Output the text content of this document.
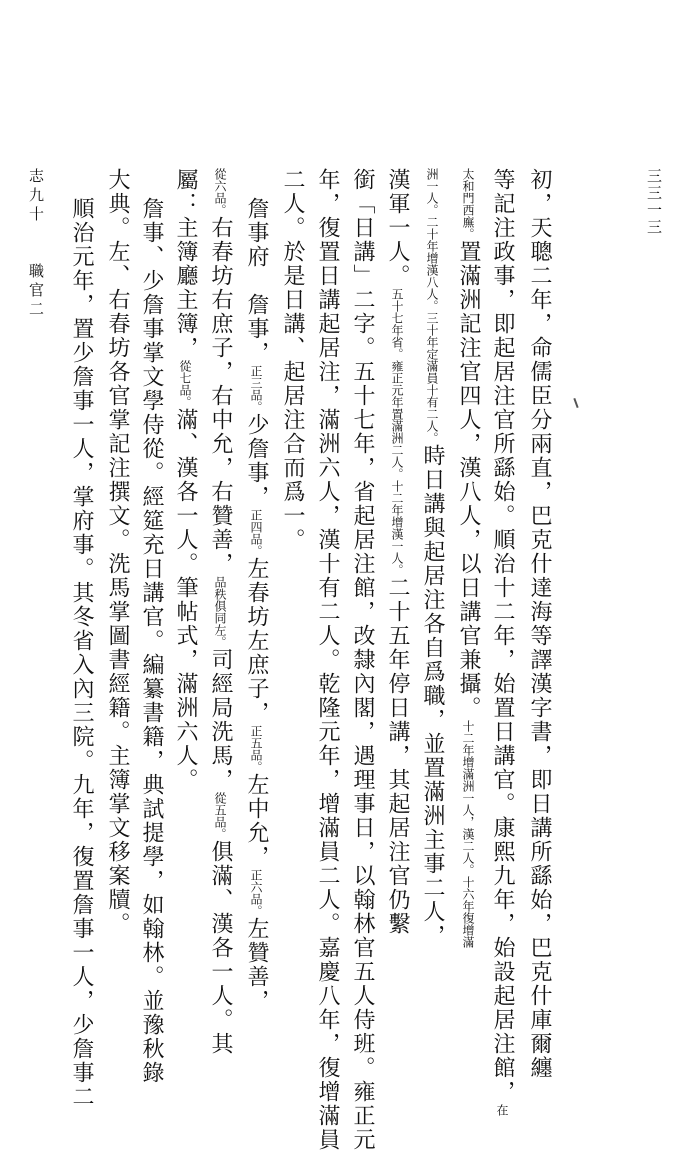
初，天聰二年，命儒臣分兩直，巴克什達海等譯漢字書，即日講所繇始，巴克什庫爾纏

等記注政事，即起居注官所繇始。順治十二年，始置日講官。康熙九年，始設起居注館，在

太和門西廡。置滿洲記注官四人，漢八人，以日講官兼攝。十二年增滿洲一人，漢二人。十六年復增滿

洲一人。二十年增漢八人。三十年定滿員十有二人。時日講與起居注各自爲職，並置滿洲主事二人，

漢軍一人。五十七年省。雍正元年置滿洲二人。十二年增漢一人。二十五年停日講，其起居注官仍繫

銜「日講」二字。五十七年，省起居注館，改隸內閣，遇理事日，以翰林官五人侍班。雍正元

年，復置日講起居注，滿洲六人，漢十有二人。乾隆元年，增滿員二人。嘉慶八年，復增滿員

二人。於是日講、起居注合而爲一。

詹事府　詹事，正三品。少詹事，正四品。左春坊左庶子，正五品。左中允，正六品。左贊善，

從六品。右春坊右庶子，右中允，右贊善，品秩俱同左。司經局洗馬，從五品。俱滿、漢各一人。其

屬：主簿廳主簿，從七品。滿、漢各一人。筆帖式，滿洲六人。

詹事、少詹事掌文學侍從。經筵充日講官。編纂書籍，典試提學，如翰林。並豫秋錄

大典。左、右春坊各官掌記注撰文。洗馬掌圖書經籍。主簿掌文移案牘。

順治元年，置少詹事一人，掌府事。其冬省入內三院。九年，復置詹事一人，少詹事二

志九十　　職官二	三三一三
